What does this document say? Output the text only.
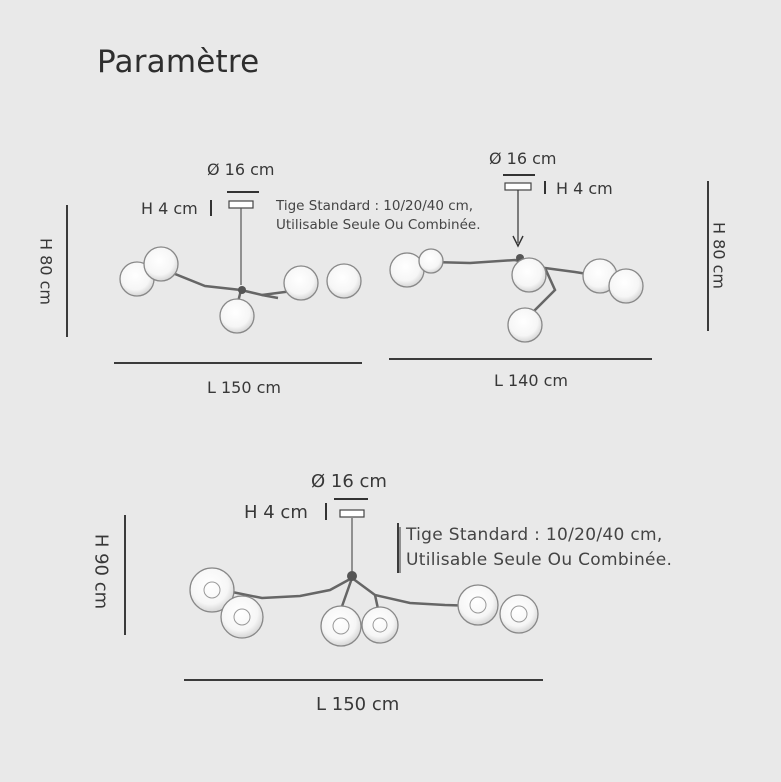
Paramètre
Ø 16 cm
H 4 cm	Tige Standard : 10/20/40 cm,
Utilisable Seule Ou Combinée.
H 80 cm
L 150 cm
Ø 16 cm
H 4 cm
H 80 cm
L 140 cm
Ø 16 cm
H 4 cm
Tige Standard : 10/20/40 cm,
Utilisable Seule Ou Combinée.
H 90 cm
L 150 cm
